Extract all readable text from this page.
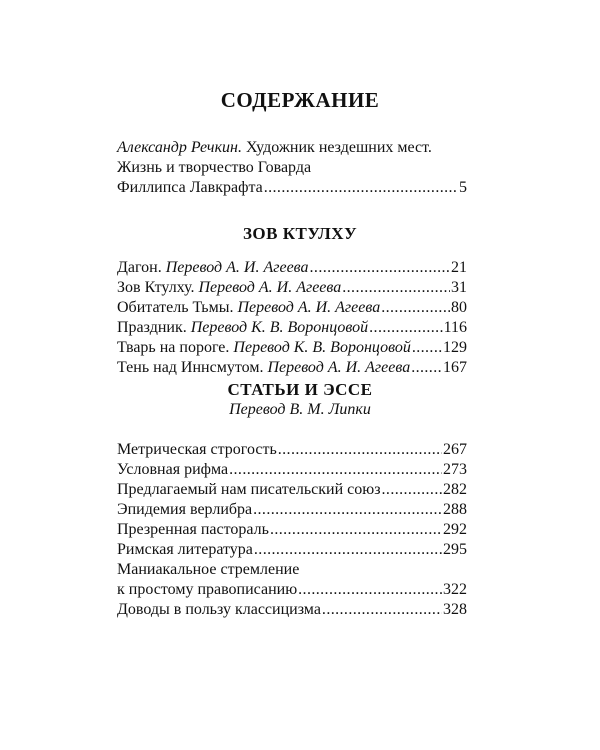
СОДЕРЖАНИЕ
Александр Речкин. Художник нездешних мест.
Жизнь и творчество Говарда
Филлипса Лавкрафта .....	5
ЗОВ КТУЛХУ
Дагон. Перевод А. И. Агеева .....	21
Зов Ктулху. Перевод А. И. Агеева .....	31
Обитатель Тьмы. Перевод А. И. Агеева .....	80
Праздник. Перевод К. В. Воронцовой .....	116
Тварь на пороге. Перевод К. В. Воронцовой ..... 129
Тень над Иннсмутом. Перевод А. И. Агеева ..... 167
СТАТЬИ И ЭССЕ
Перевод В. М. Липки
Метрическая строгость .....	267
Условная рифма .....	273
Предлагаемый нам писательский союз .....	282
Эпидемия верлибра .....	288
Презренная пастораль .....	292
Римская литература .....	295
Маниакальное стремление
к простому правописанию .....	322
Доводы в пользу классицизма .....	328
